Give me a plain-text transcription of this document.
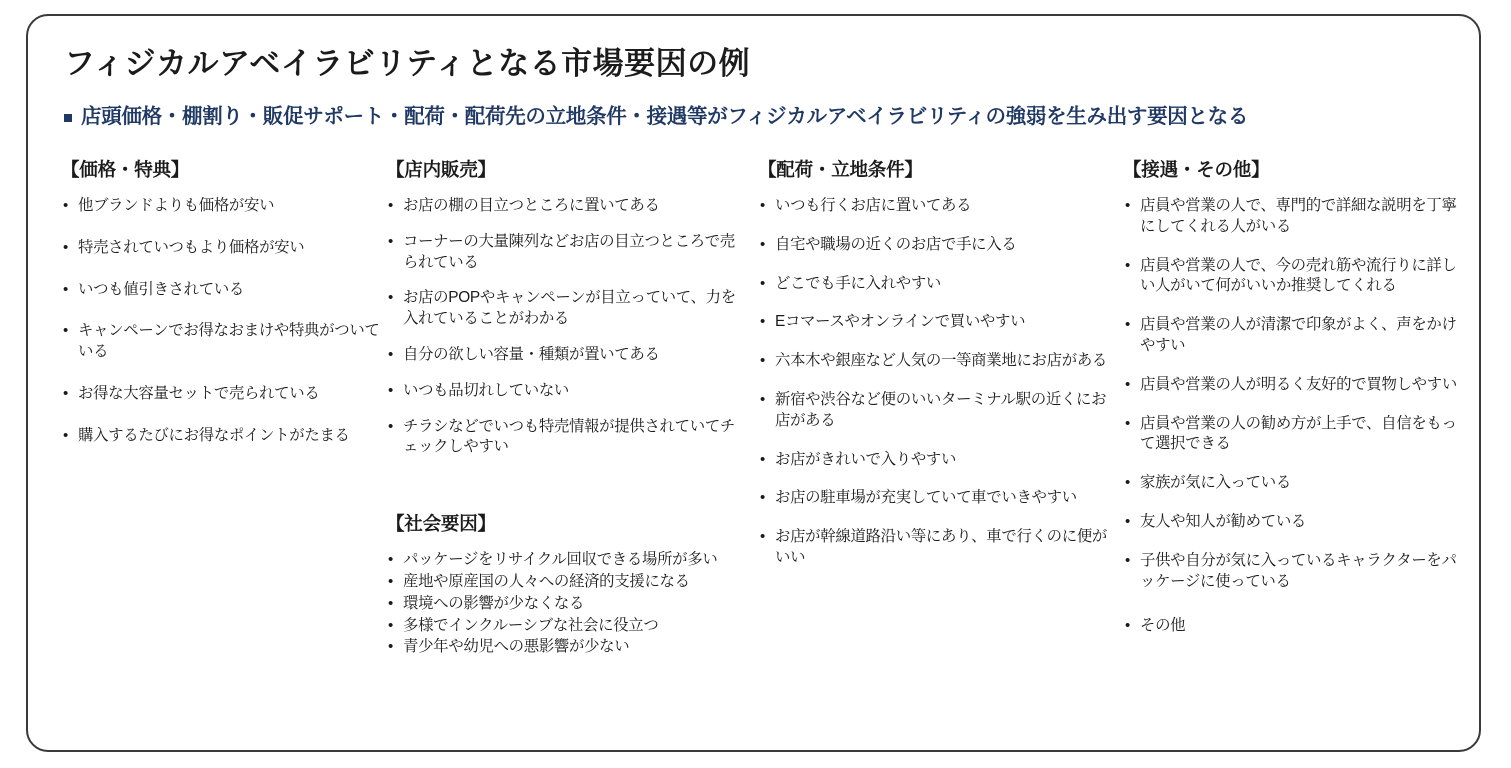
フィジカルアベイラビリティとなる市場要因の例
店頭価格・棚割り・販促サポート・配荷・配荷先の立地条件・接遇等がフィジカルアベイラビリティの強弱を生み出す要因となる
【価格・特典】
• 他ブランドよりも価格が安い
• 特売されていつもより価格が安い
• いつも値引きされている
• キャンペーンでお得なおまけや特典がついている
• お得な大容量セットで売られている
• 購入するたびにお得なポイントがたまる
【店内販売】
• お店の棚の目立つところに置いてある
• コーナーの大量陳列などお店の目立つところで売られている
• お店のPOPやキャンペーンが目立っていて、力を入れていることがわかる
• 自分の欲しい容量・種類が置いてある
• いつも品切れしていない
• チラシなどでいつも特売情報が提供されていてチェックしやすい
【社会要因】
• パッケージをリサイクル回収できる場所が多い
• 産地や原産国の人々への経済的支援になる
• 環境への影響が少なくなる
• 多様でインクルーシブな社会に役立つ
• 青少年や幼児への悪影響が少ない
【配荷・立地条件】
• いつも行くお店に置いてある
• 自宅や職場の近くのお店で手に入る
• どこでも手に入れやすい
• Eコマースやオンラインで買いやすい
• 六本木や銀座など人気の一等商業地にお店がある
• 新宿や渋谷など便のいいターミナル駅の近くにお店がある
• お店がきれいで入りやすい
• お店の駐車場が充実していて車でいきやすい
• お店が幹線道路沿い等にあり、車で行くのに便がいい
【接遇・その他】
• 店員や営業の人で、専門的で詳細な説明を丁寧にしてくれる人がいる
• 店員や営業の人で、今の売れ筋や流行りに詳しい人がいて何がいいか推奨してくれる
• 店員や営業の人が清潔で印象がよく、声をかけやすい
• 店員や営業の人が明るく友好的で買物しやすい
• 店員や営業の人の勧め方が上手で、自信をもって選択できる
• 家族が気に入っている
• 友人や知人が勧めている
• 子供や自分が気に入っているキャラクターをパッケージに使っている
• その他
